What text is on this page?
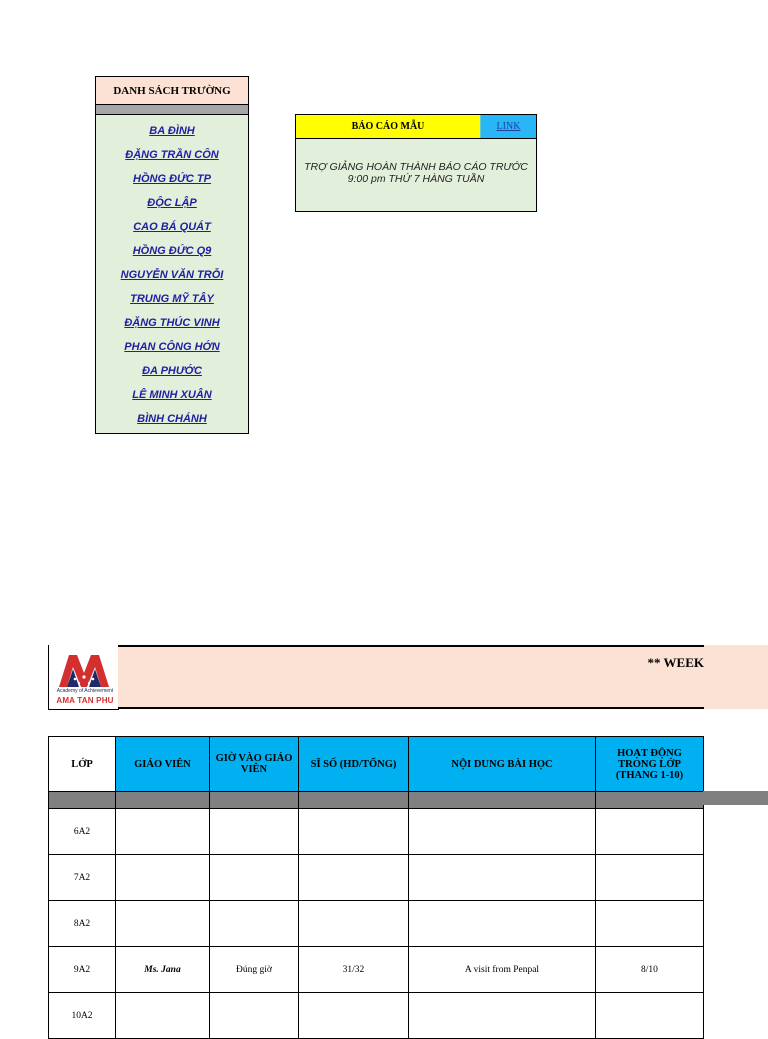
DANH SÁCH TRƯỜNG
BA ĐÌNH
ĐẶNG TRẦN CÔN
HỒNG ĐỨC TP
ĐỘC LẬP
CAO BÁ QUÁT
HỒNG ĐỨC Q9
NGUYỄN VĂN TRỖI
TRUNG MỸ TÂY
ĐẶNG THÚC VINH
PHAN CÔNG HỚN
ĐA PHƯỚC
LÊ MINH XUÂN
BÌNH CHÁNH
BÁO CÁO MẪU	LINK
TRỢ GIẢNG HOÀN THÀNH BÁO CÁO TRƯỚC
9:00 pm THỨ 7 HÀNG TUẦN
Academy of Achievement
AMA TAN PHU
** WEEK
LỚP	GIÁO VIÊN	GIỜ VÀO GIÁO VIÊN	SĨ SỐ (HD/TỔNG)	NỘI DUNG BÀI HỌC	HOẠT ĐỘNG TRONG LỚP (THANG 1-10)

6A2					
7A2					
8A2					
9A2	Ms. Jana	Đúng giờ	31/32	A visit from Penpal	8/10
10A2					
